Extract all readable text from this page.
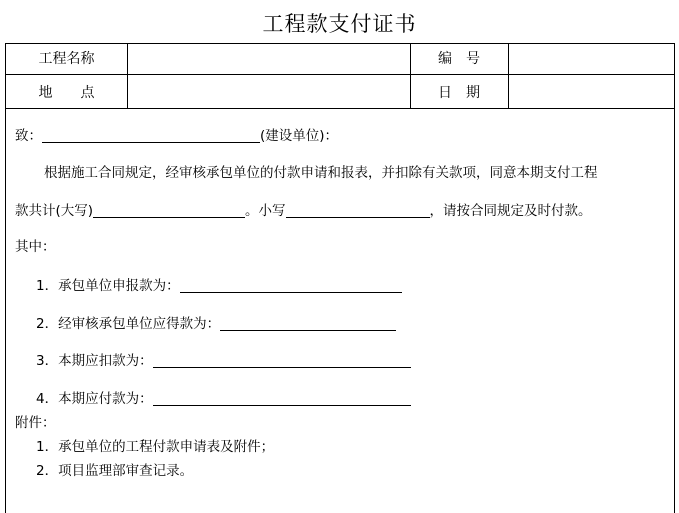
工程款支付证书
工程名称	编　号
地　　点	日　期
致：	(建设单位)：
根据施工合同规定，经审核承包单位的付款申请和报表，并扣除有关款项，同意本期支付工程
款共计(大写)	。小写	，请按合同规定及时付款。
其中：
1．承包单位申报款为：
2．经审核承包单位应得款为：
3．本期应扣款为：
4．本期应付款为：
附件：
1．承包单位的工程付款申请表及附件；
2．项目监理部审查记录。
